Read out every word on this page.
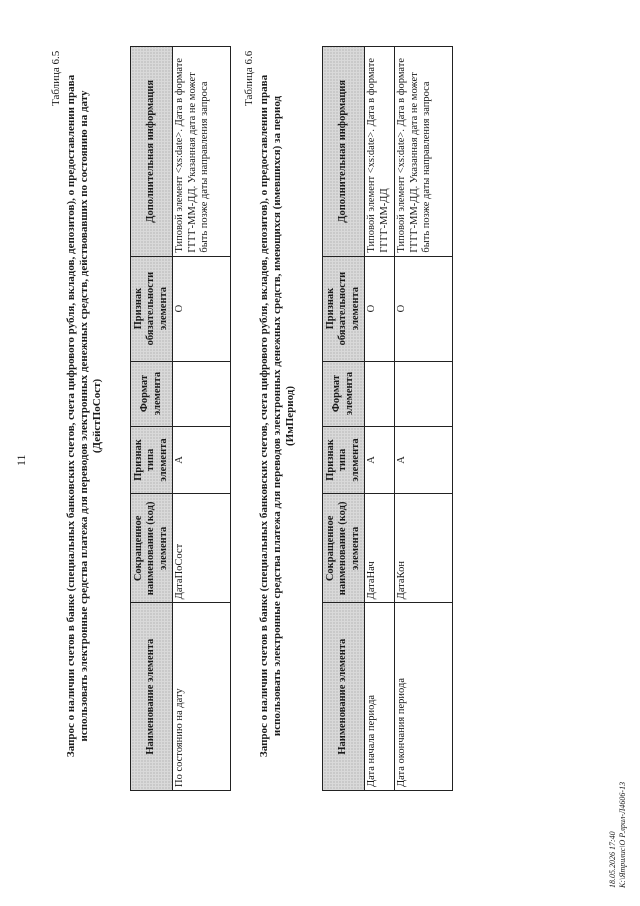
11
Таблица 6.5 Запрос о наличии счетов в банке (специальных банковских счетов, счета цифрового рубля, вкладов, депозитов), о предоставлении права использовать электронные средства платежа для переводов электронных денежных средств, действовавших по состоянию на дату (ДейстПоСост)
Наименование элемента	Сокращенное наименование (код) элемента	Признак типа элемента	Формат элемента	Признак обязательности элемента	Дополнительная информация
По состоянию на дату	ДатаПоСост	А		О	Типовой элемент <xs:date>. Дата в формате ГГГГ-ММ-ДД. Указанная дата не может быть позже даты направления запроса
Таблица 6.6 Запрос о наличии счетов в банке (специальных банковских счетов, счета цифрового рубля, вкладов, депозитов), о предоставлении права использовать электронные средства платежа для переводов электронных денежных средств, имеющихся (имевшихся) за период (ИмПериод)
Наименование элемента	Сокращенное наименование (код) элемента	Признак типа элемента	Формат элемента	Признак обязательности элемента	Дополнительная информация
Дата начала периода	ДатаНач	А		О	Типовой элемент <xs:date>. Дата в формате ГГГГ-ММ-ДД
Дата окончания периода	ДатаКон	А		О	Типовой элемент <xs:date>. Дата в формате ГГГГ-ММ-ДД. Указанная дата не может быть позже даты направления запроса
18.05.2026 17:40 К:\Ятрилис\О Р.лрил-Л4606-13
